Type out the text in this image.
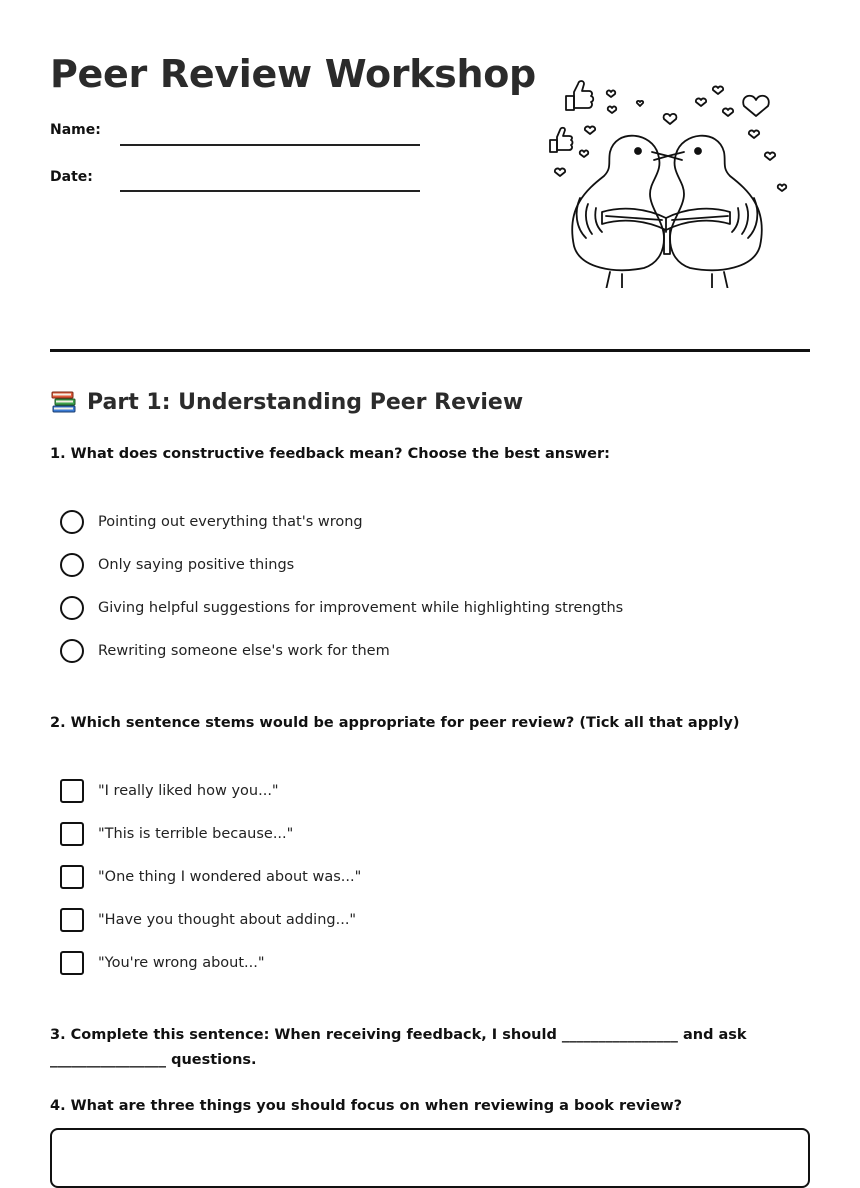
Peer Review Workshop
Name:
Date:
Part 1: Understanding Peer Review
1. What does constructive feedback mean? Choose the best answer:
Pointing out everything that's wrong
Only saying positive things
Giving helpful suggestions for improvement while highlighting strengths
Rewriting someone else's work for them
2. Which sentence stems would be appropriate for peer review? (Tick all that apply)
"I really liked how you..."
"This is terrible because..."
"One thing I wondered about was..."
"Have you thought about adding..."
"You're wrong about..."
3. Complete this sentence: When receiving feedback, I should ________________ and ask ________________ questions.
4. What are three things you should focus on when reviewing a book review?
